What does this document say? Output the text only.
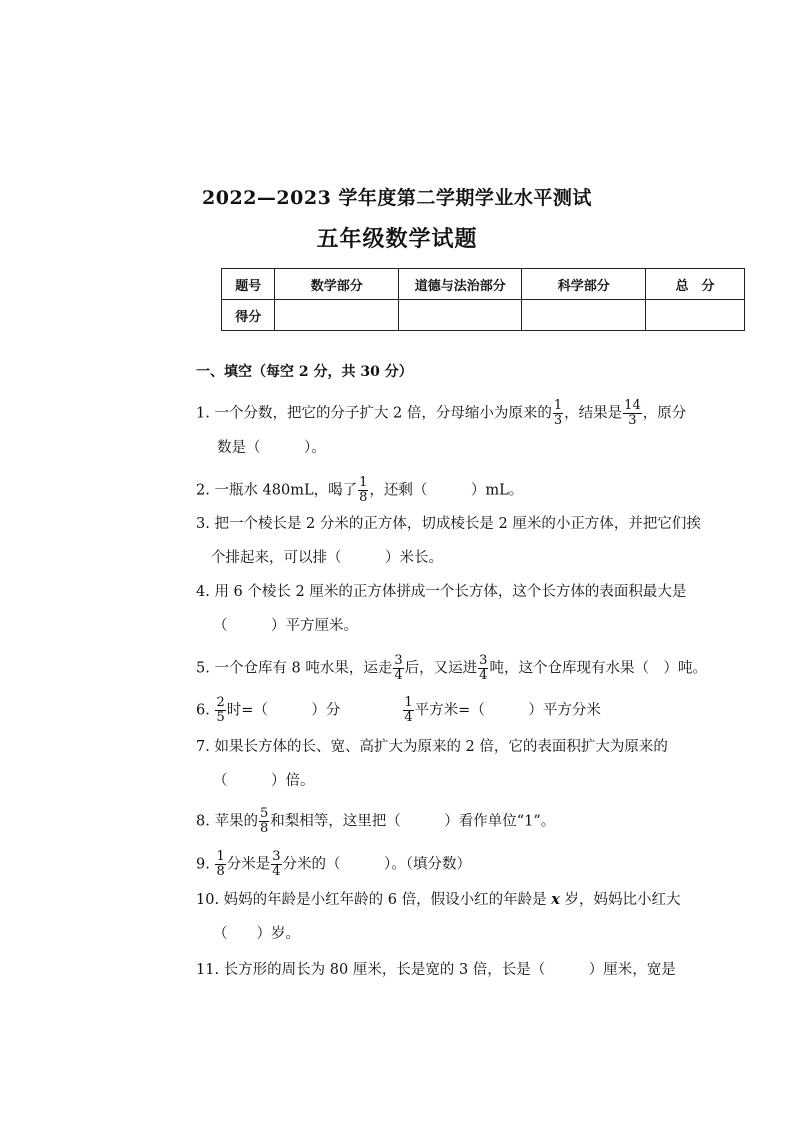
2022—2023 学年度第二学期学业水平测试
五年级数学试题
题号	数学部分	道德与法治部分	科学部分	总　分
得分				
一、填空（每空 2 分，共 30 分）
1. 一个分数，把它的分子扩大 2 倍，分母缩小为原来的 $\frac{1}{3}$ ，结果是 $\frac{14}{3}$ ，原分
数是（　　　）。
2. 一瓶水 480mL，喝了 $\frac{1}{8}$ ，还剩（　　　）mL。
3. 把一个棱长是 2 分米的正方体，切成棱长是 2 厘米的小正方体，并把它们挨
个排起来，可以排（　　　）米长。
4. 用 6 个棱长 2 厘米的正方体拼成一个长方体，这个长方体的表面积最大是
（　　　）平方厘米。
5. 一个仓库有 8 吨水果，运走 $\frac{3}{4}$ 后，又运进 $\frac{3}{4}$ 吨，这个仓库现有水果（　）吨。
6. $\frac{2}{5}$ 时=（　　　）分	$\frac{1}{4}$ 平方米=（　　　）平方分米
7. 如果长方体的长、宽、高扩大为原来的 2 倍，它的表面积扩大为原来的
（　　　）倍。
8. 苹果的 $\frac{5}{8}$ 和梨相等，这里把（　　　）看作单位“1”。
9. $\frac{1}{8}$ 分米是 $\frac{3}{4}$ 分米的（　　　）。（填分数）
10. 妈妈的年龄是小红年龄的 6 倍，假设小红的年龄是 x 岁，妈妈比小红大
（　　）岁。
11. 长方形的周长为 80 厘米，长是宽的 3 倍，长是（　　　）厘米，宽是
